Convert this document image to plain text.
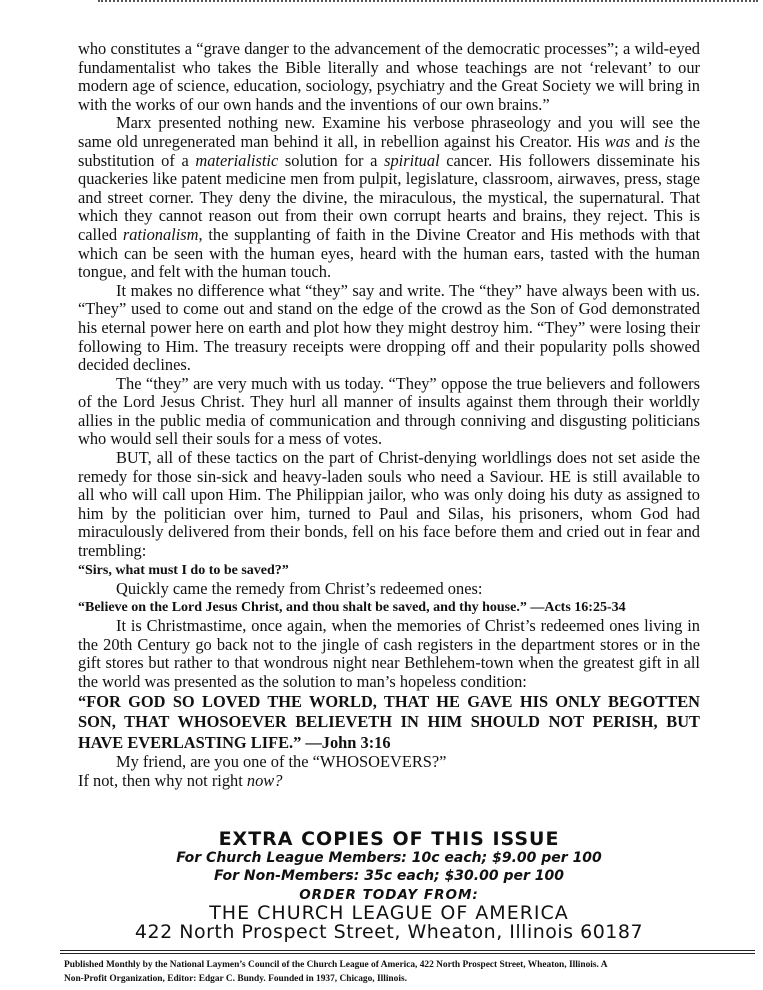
who constitutes a “grave danger to the advancement of the democratic processes”; a wild-eyed fundamentalist who takes the Bible literally and whose teachings are not ‘relevant’ to our modern age of science, education, sociology, psychiatry and the Great Society we will bring in with the works of our own hands and the inventions of our own brains.”

Marx presented nothing new. Examine his verbose phraseology and you will see the same old unregenerated man behind it all, in rebellion against his Creator. His was and is the substitution of a materialistic solution for a spiritual cancer. His followers disseminate his quackeries like patent medicine men from pulpit, legislature, classroom, airwaves, press, stage and street corner. They deny the divine, the miraculous, the mystical, the supernatural. That which they cannot reason out from their own corrupt hearts and brains, they reject. This is called rationalism, the supplanting of faith in the Divine Creator and His methods with that which can be seen with the human eyes, heard with the human ears, tasted with the human tongue, and felt with the human touch.

It makes no difference what “they” say and write. The “they” have always been with us. “They” used to come out and stand on the edge of the crowd as the Son of God demonstrated his eternal power here on earth and plot how they might destroy him. “They” were losing their following to Him. The treasury receipts were dropping off and their popularity polls showed decided declines.

The “they” are very much with us today. “They” oppose the true believers and followers of the Lord Jesus Christ. They hurl all manner of insults against them through their worldly allies in the public media of communication and through conniving and disgusting politicians who would sell their souls for a mess of votes.

BUT, all of these tactics on the part of Christ-denying worldlings does not set aside the remedy for those sin-sick and heavy-laden souls who need a Saviour. HE is still available to all who will call upon Him. The Philippian jailor, who was only doing his duty as assigned to him by the politician over him, turned to Paul and Silas, his prisoners, whom God had miraculously delivered from their bonds, fell on his face before them and cried out in fear and trembling:

“Sirs, what must I do to be saved?”

Quickly came the remedy from Christ’s redeemed ones:

“Believe on the Lord Jesus Christ, and thou shalt be saved, and thy house.” —Acts 16:25-34

It is Christmastime, once again, when the memories of Christ’s redeemed ones living in the 20th Century go back not to the jingle of cash registers in the department stores or in the gift stores but rather to that wondrous night near Bethlehem-town when the greatest gift in all the world was presented as the solution to man’s hopeless condition:

“FOR GOD SO LOVED THE WORLD, THAT HE GAVE HIS ONLY BEGOTTEN SON, THAT WHOSOEVER BELIEVETH IN HIM SHOULD NOT PERISH, BUT HAVE EVERLASTING LIFE.” —John 3:16

My friend, are you one of the “WHOSOEVERS?”

If not, then why not right now?

EXTRA COPIES OF THIS ISSUE
For Church League Members: 10c each; $9.00 per 100
For Non-Members: 35c each; $30.00 per 100
ORDER TODAY FROM:
THE CHURCH LEAGUE OF AMERICA
422 North Prospect Street, Wheaton, Illinois 60187
Published Monthly by the National Laymen’s Council of the Church League of America, 422 North Prospect Street, Wheaton, Illinois. A
Non-Profit Organization, Editor: Edgar C. Bundy. Founded in 1937, Chicago, Illinois.
